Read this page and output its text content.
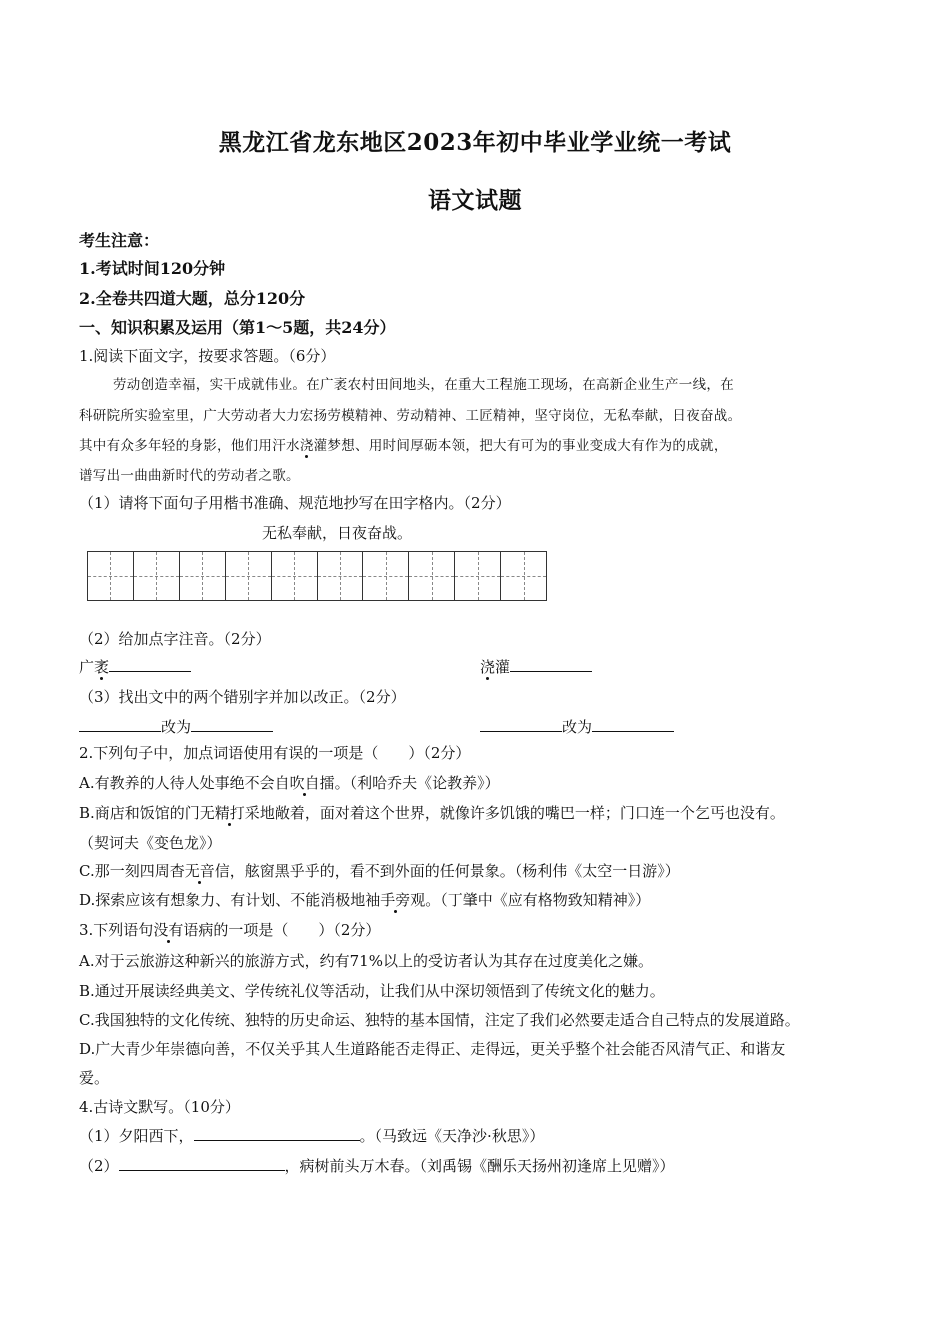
黑龙江省龙东地区2023年初中毕业学业统一考试
语文试题
考生注意：
1.考试时间120分钟
2.全卷共四道大题，总分120分
一、知识积累及运用（第1～5题，共24分）
1.阅读下面文字，按要求答题。（6分）
劳动创造幸福，实干成就伟业。在广袤农村田间地头，在重大工程施工现场，在高新企业生产一线，在
科研院所实验室里，广大劳动者大力宏扬劳模精神、劳动精神、工匠精神，坚守岗位，无私奉献，日夜奋战。
其中有众多年轻的身影，他们用汗水浇灌梦想、用时间厚砺本领，把大有可为的事业变成大有作为的成就，
谱写出一曲曲新时代的劳动者之歌。
（1）请将下面句子用楷书准确、规范地抄写在田字格内。（2分）
无私奉献，日夜奋战。
（2）给加点字注音。（2分）
广袤	浇灌
（3）找出文中的两个错别字并加以改正。（2分）
改为	改为
2.下列句子中，加点词语使用有误的一项是（　　）（2分）
A.有教养的人待人处事绝不会自吹自擂。（利哈乔夫《论教养》）
B.商店和饭馆的门无精打采地敞着，面对着这个世界，就像许多饥饿的嘴巴一样；门口连一个乞丐也没有。
（契诃夫《变色龙》）
C.那一刻四周杳无音信，舷窗黑乎乎的，看不到外面的任何景象。（杨利伟《太空一日游》）
D.探索应该有想象力、有计划、不能消极地袖手旁观。（丁肇中《应有格物致知精神》）
3.下列语句没有语病的一项是（　　）（2分）
A.对于云旅游这种新兴的旅游方式，约有71%以上的受访者认为其存在过度美化之嫌。
B.通过开展读经典美文、学传统礼仪等活动，让我们从中深切领悟到了传统文化的魅力。
C.我国独特的文化传统、独特的历史命运、独特的基本国情，注定了我们必然要走适合自己特点的发展道路。
D.广大青少年崇德向善，不仅关乎其人生道路能否走得正、走得远，更关乎整个社会能否风清气正、和谐友
爱。
4.古诗文默写。（10分）
（1）夕阳西下，	。（马致远《天净沙·秋思》）
（2）	，病树前头万木春。（刘禹锡《酬乐天扬州初逢席上见赠》）
